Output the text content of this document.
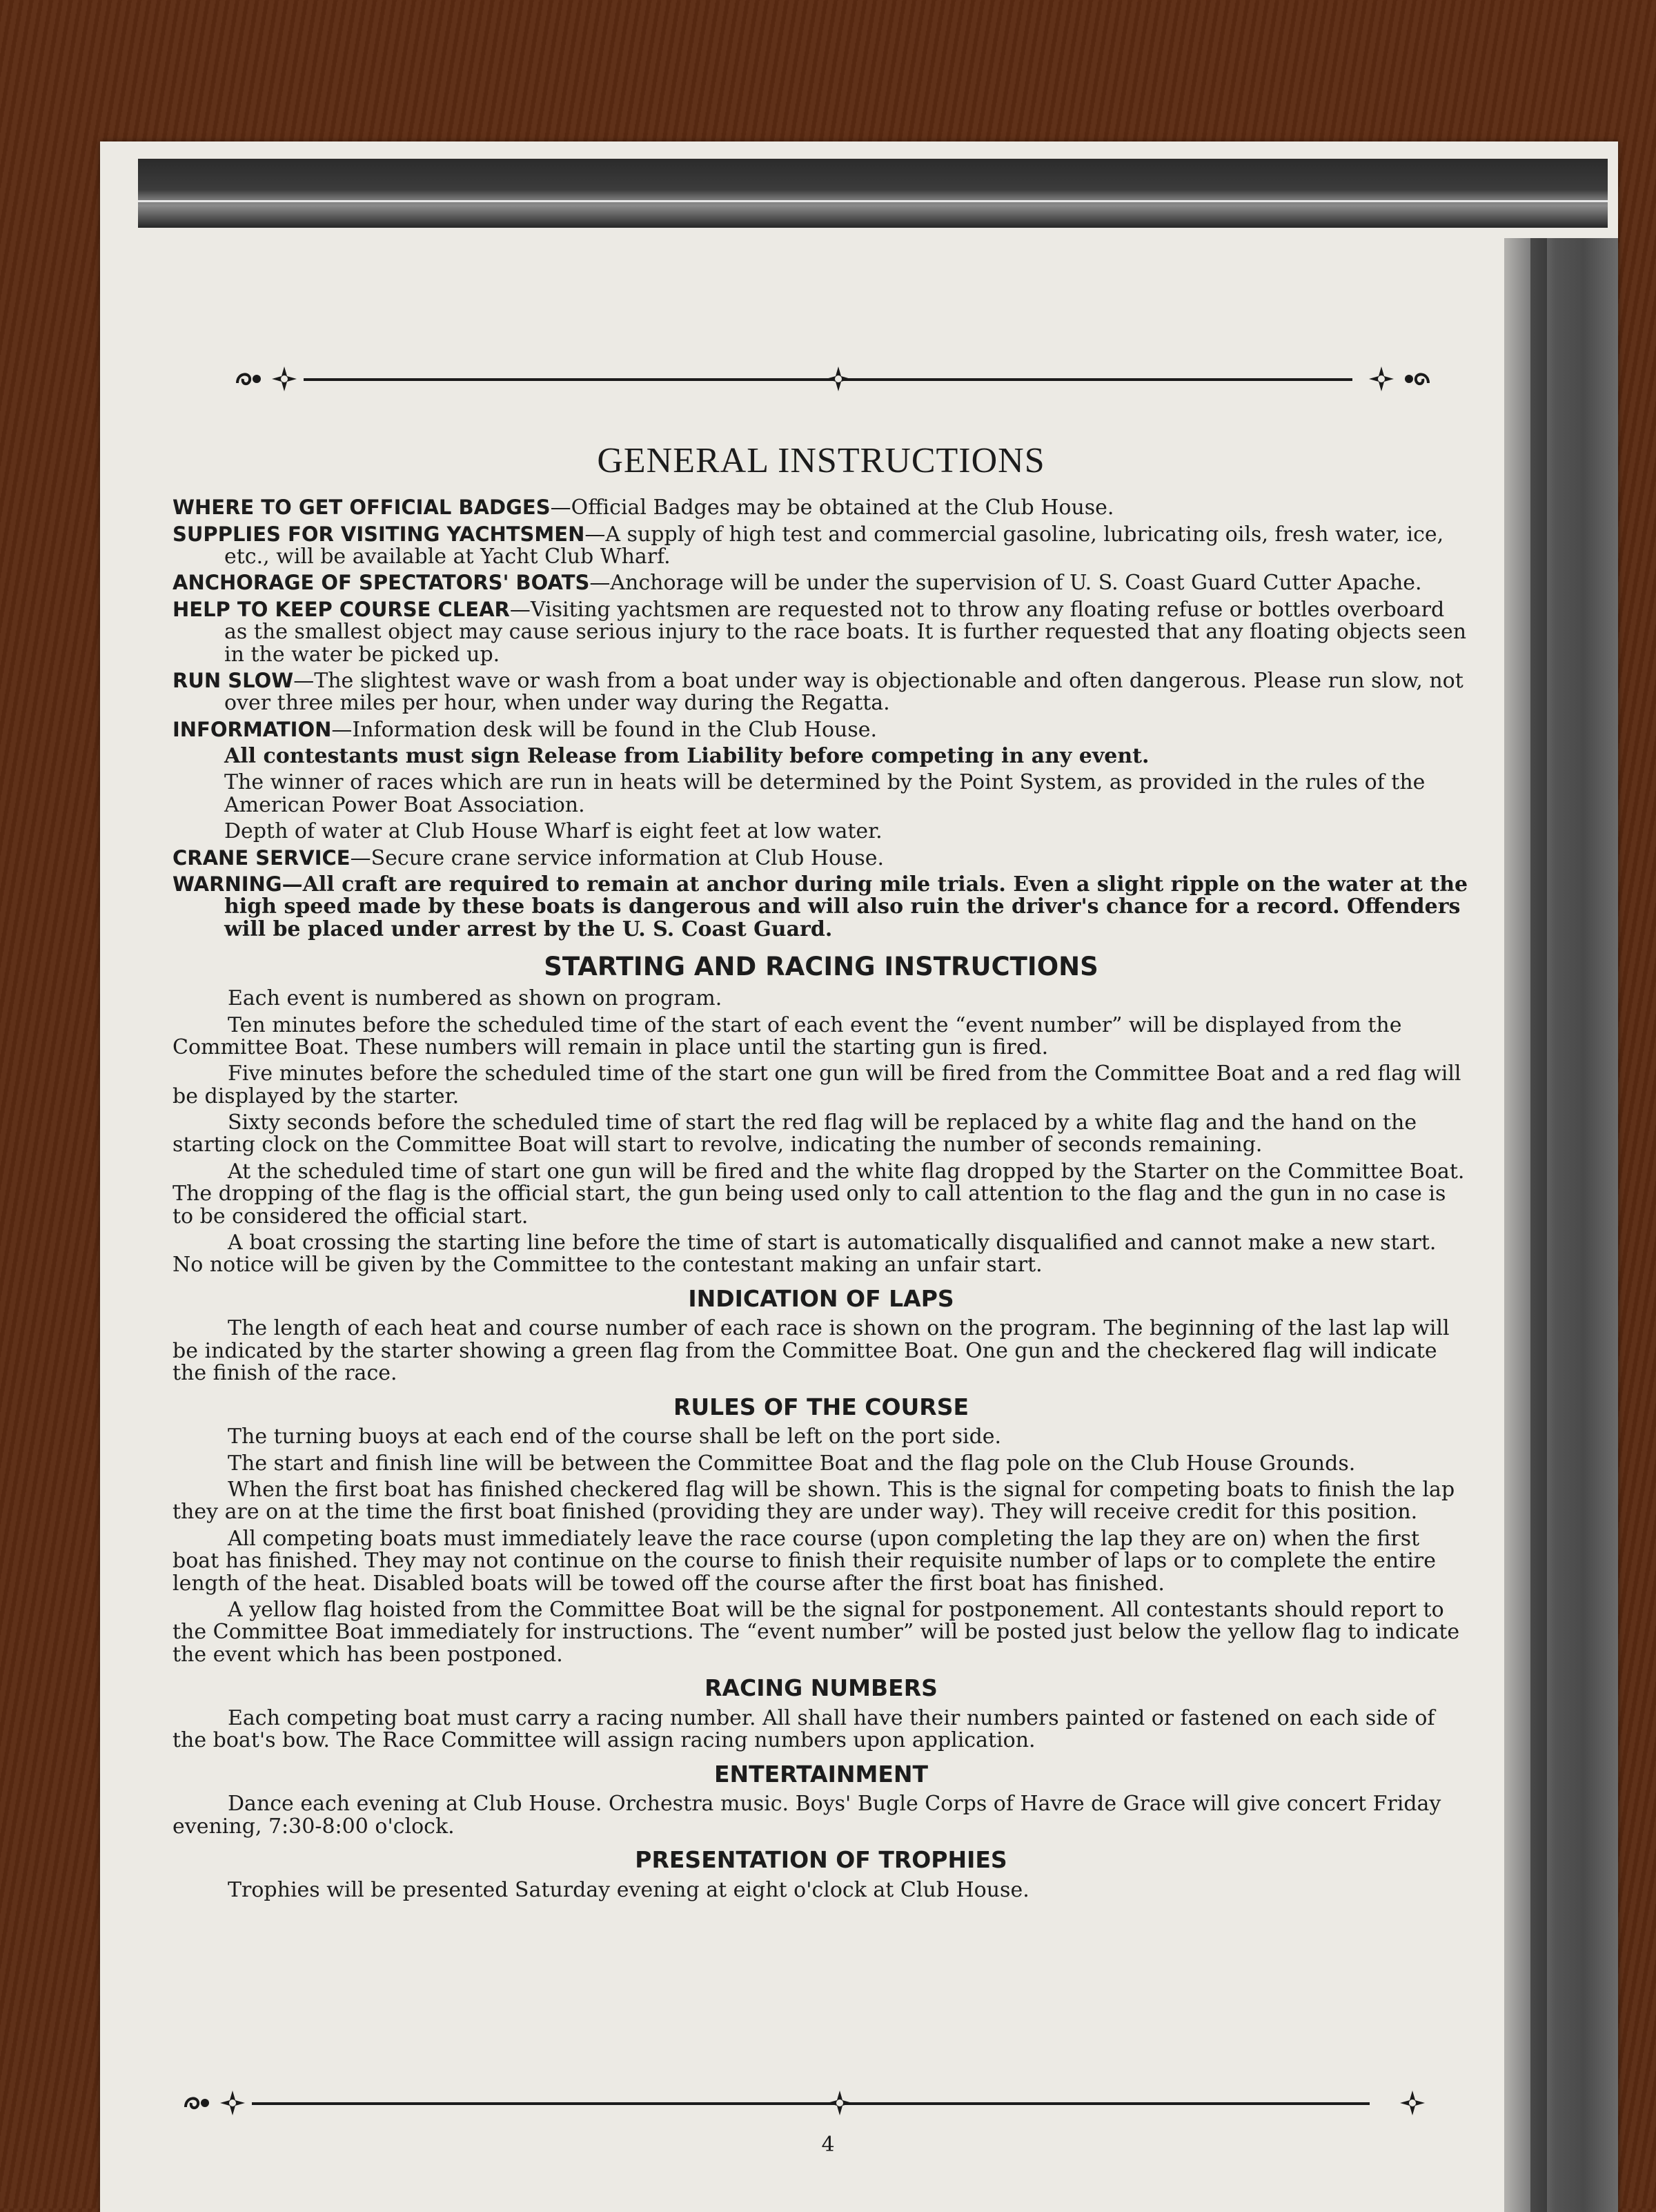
GENERAL INSTRUCTIONS

WHERE TO GET OFFICIAL BADGES—Official Badges may be obtained at the Club House.

SUPPLIES FOR VISITING YACHTSMEN—A supply of high test and commercial gasoline, lubricating oils, fresh water, ice, etc., will be available at Yacht Club Wharf.

ANCHORAGE OF SPECTATORS' BOATS—Anchorage will be under the supervision of U. S. Coast Guard Cutter Apache.

HELP TO KEEP COURSE CLEAR—Visiting yachtsmen are requested not to throw any floating refuse or bottles overboard as the smallest object may cause serious injury to the race boats. It is further requested that any floating objects seen in the water be picked up.

RUN SLOW—The slightest wave or wash from a boat under way is objectionable and often dangerous. Please run slow, not over three miles per hour, when under way during the Regatta.

INFORMATION—Information desk will be found in the Club House.

All contestants must sign Release from Liability before competing in any event.

The winner of races which are run in heats will be determined by the Point System, as provided in the rules of the American Power Boat Association.

Depth of water at Club House Wharf is eight feet at low water.

CRANE SERVICE—Secure crane service information at Club House.

WARNING—All craft are required to remain at anchor during mile trials. Even a slight ripple on the water at the high speed made by these boats is dangerous and will also ruin the driver's chance for a record. Offenders will be placed under arrest by the U. S. Coast Guard.

STARTING AND RACING INSTRUCTIONS

Each event is numbered as shown on program.

Ten minutes before the scheduled time of the start of each event the “event number” will be displayed from the Committee Boat. These numbers will remain in place until the starting gun is fired.

Five minutes before the scheduled time of the start one gun will be fired from the Committee Boat and a red flag will be displayed by the starter.

Sixty seconds before the scheduled time of start the red flag will be replaced by a white flag and the hand on the starting clock on the Committee Boat will start to revolve, indicating the number of seconds remaining.

At the scheduled time of start one gun will be fired and the white flag dropped by the Starter on the Committee Boat. The dropping of the flag is the official start, the gun being used only to call attention to the flag and the gun in no case is to be considered the official start.

A boat crossing the starting line before the time of start is automatically disqualified and cannot make a new start. No notice will be given by the Committee to the contestant making an unfair start.

INDICATION OF LAPS

The length of each heat and course number of each race is shown on the program. The beginning of the last lap will be indicated by the starter showing a green flag from the Committee Boat. One gun and the checkered flag will indicate the finish of the race.

RULES OF THE COURSE

The turning buoys at each end of the course shall be left on the port side.

The start and finish line will be between the Committee Boat and the flag pole on the Club House Grounds.

When the first boat has finished checkered flag will be shown. This is the signal for competing boats to finish the lap they are on at the time the first boat finished (providing they are under way). They will receive credit for this position.

All competing boats must immediately leave the race course (upon completing the lap they are on) when the first boat has finished. They may not continue on the course to finish their requisite number of laps or to complete the entire length of the heat. Disabled boats will be towed off the course after the first boat has finished.

A yellow flag hoisted from the Committee Boat will be the signal for postponement. All contestants should report to the Committee Boat immediately for instructions. The “event number” will be posted just below the yellow flag to indicate the event which has been postponed.

RACING NUMBERS

Each competing boat must carry a racing number. All shall have their numbers painted or fastened on each side of the boat's bow. The Race Committee will assign racing numbers upon application.

ENTERTAINMENT

Dance each evening at Club House. Orchestra music. Boys' Bugle Corps of Havre de Grace will give concert Friday evening, 7:30-8:00 o'clock.

PRESENTATION OF TROPHIES

Trophies will be presented Saturday evening at eight o'clock at Club House.

4
